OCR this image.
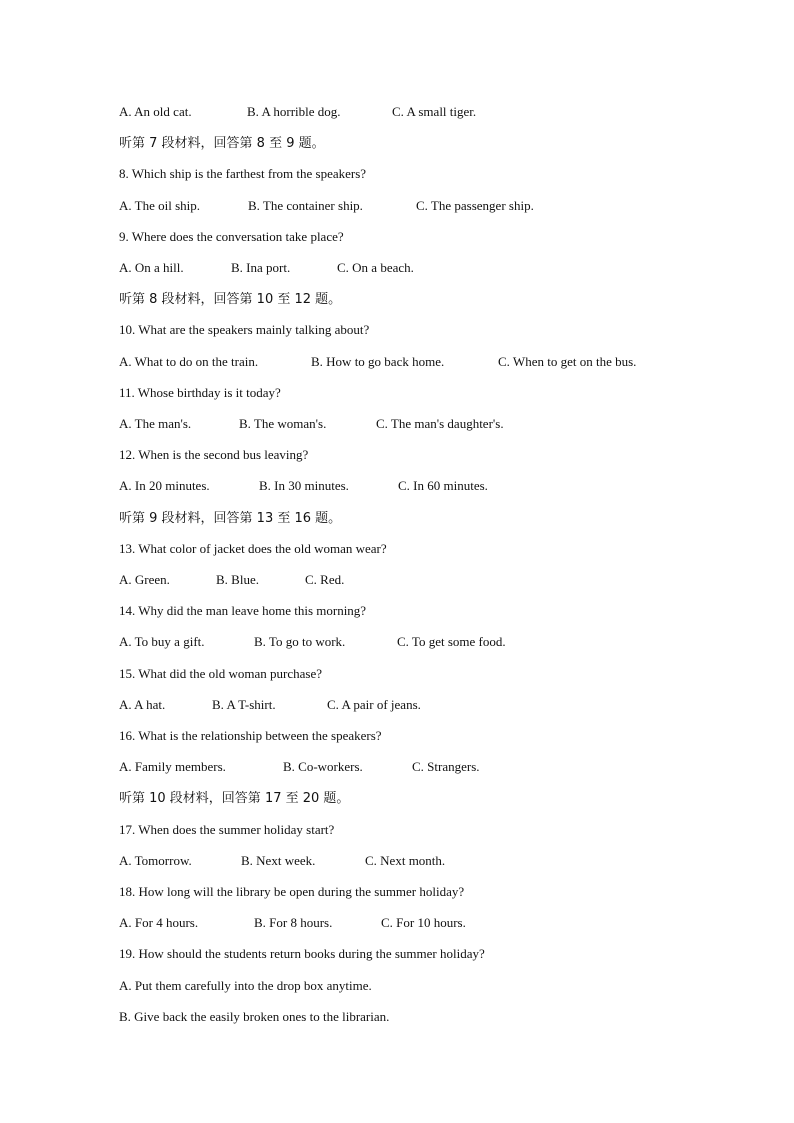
A. An old cat.	B. A horrible dog.	C. A small tiger.
听第 7 段材料，回答第 8 至 9 题。
8. Which ship is the farthest from the speakers?
A. The oil ship.	B. The container ship.	C. The passenger ship.
9. Where does the conversation take place?
A. On a hill.	B. Ina port.	C. On a beach.
听第 8 段材料，回答第 10 至 12 题。
10. What are the speakers mainly talking about?
A. What to do on the train.	B. How to go back home.	C. When to get on the bus.
11. Whose birthday is it today?
A. The man's.	B. The woman's.	C. The man's daughter's.
12. When is the second bus leaving?
A. In 20 minutes.	B. In 30 minutes.	C. In 60 minutes.
听第 9 段材料，回答第 13 至 16 题。
13. What color of jacket does the old woman wear?
A. Green.	B. Blue.	C. Red.
14. Why did the man leave home this morning?
A. To buy a gift.	B. To go to work.	C. To get some food.
15. What did the old woman purchase?
A. A hat.	B. A T-shirt.	C. A pair of jeans.
16. What is the relationship between the speakers?
A. Family members.	B. Co-workers.	C. Strangers.
听第 10 段材料，回答第 17 至 20 题。
17. When does the summer holiday start?
A. Tomorrow.	B. Next week.	C. Next month.
18. How long will the library be open during the summer holiday?
A. For 4 hours.	B. For 8 hours.	C. For 10 hours.
19. How should the students return books during the summer holiday?
A. Put them carefully into the drop box anytime.
B. Give back the easily broken ones to the librarian.
